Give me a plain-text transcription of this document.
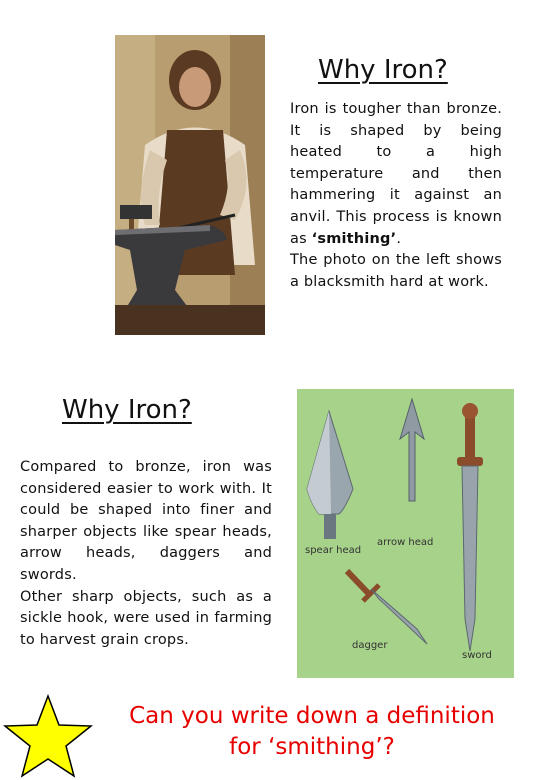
Why Iron?

Iron is tougher than bronze. It is shaped by being heated to a high temperature and then hammering it against an anvil. This process is known as ‘smithing’.

The photo on the left shows a blacksmith hard at work.

Why Iron?

Compared to bronze, iron was considered easier to work with. It could be shaped into finer and sharper objects like spear heads, arrow heads, daggers and swords.

Other sharp objects, such as a sickle hook, were used in farming to harvest grain crops.

spear head
arrow head
dagger
sword
Can you write down a definition
for ‘smithing’?
